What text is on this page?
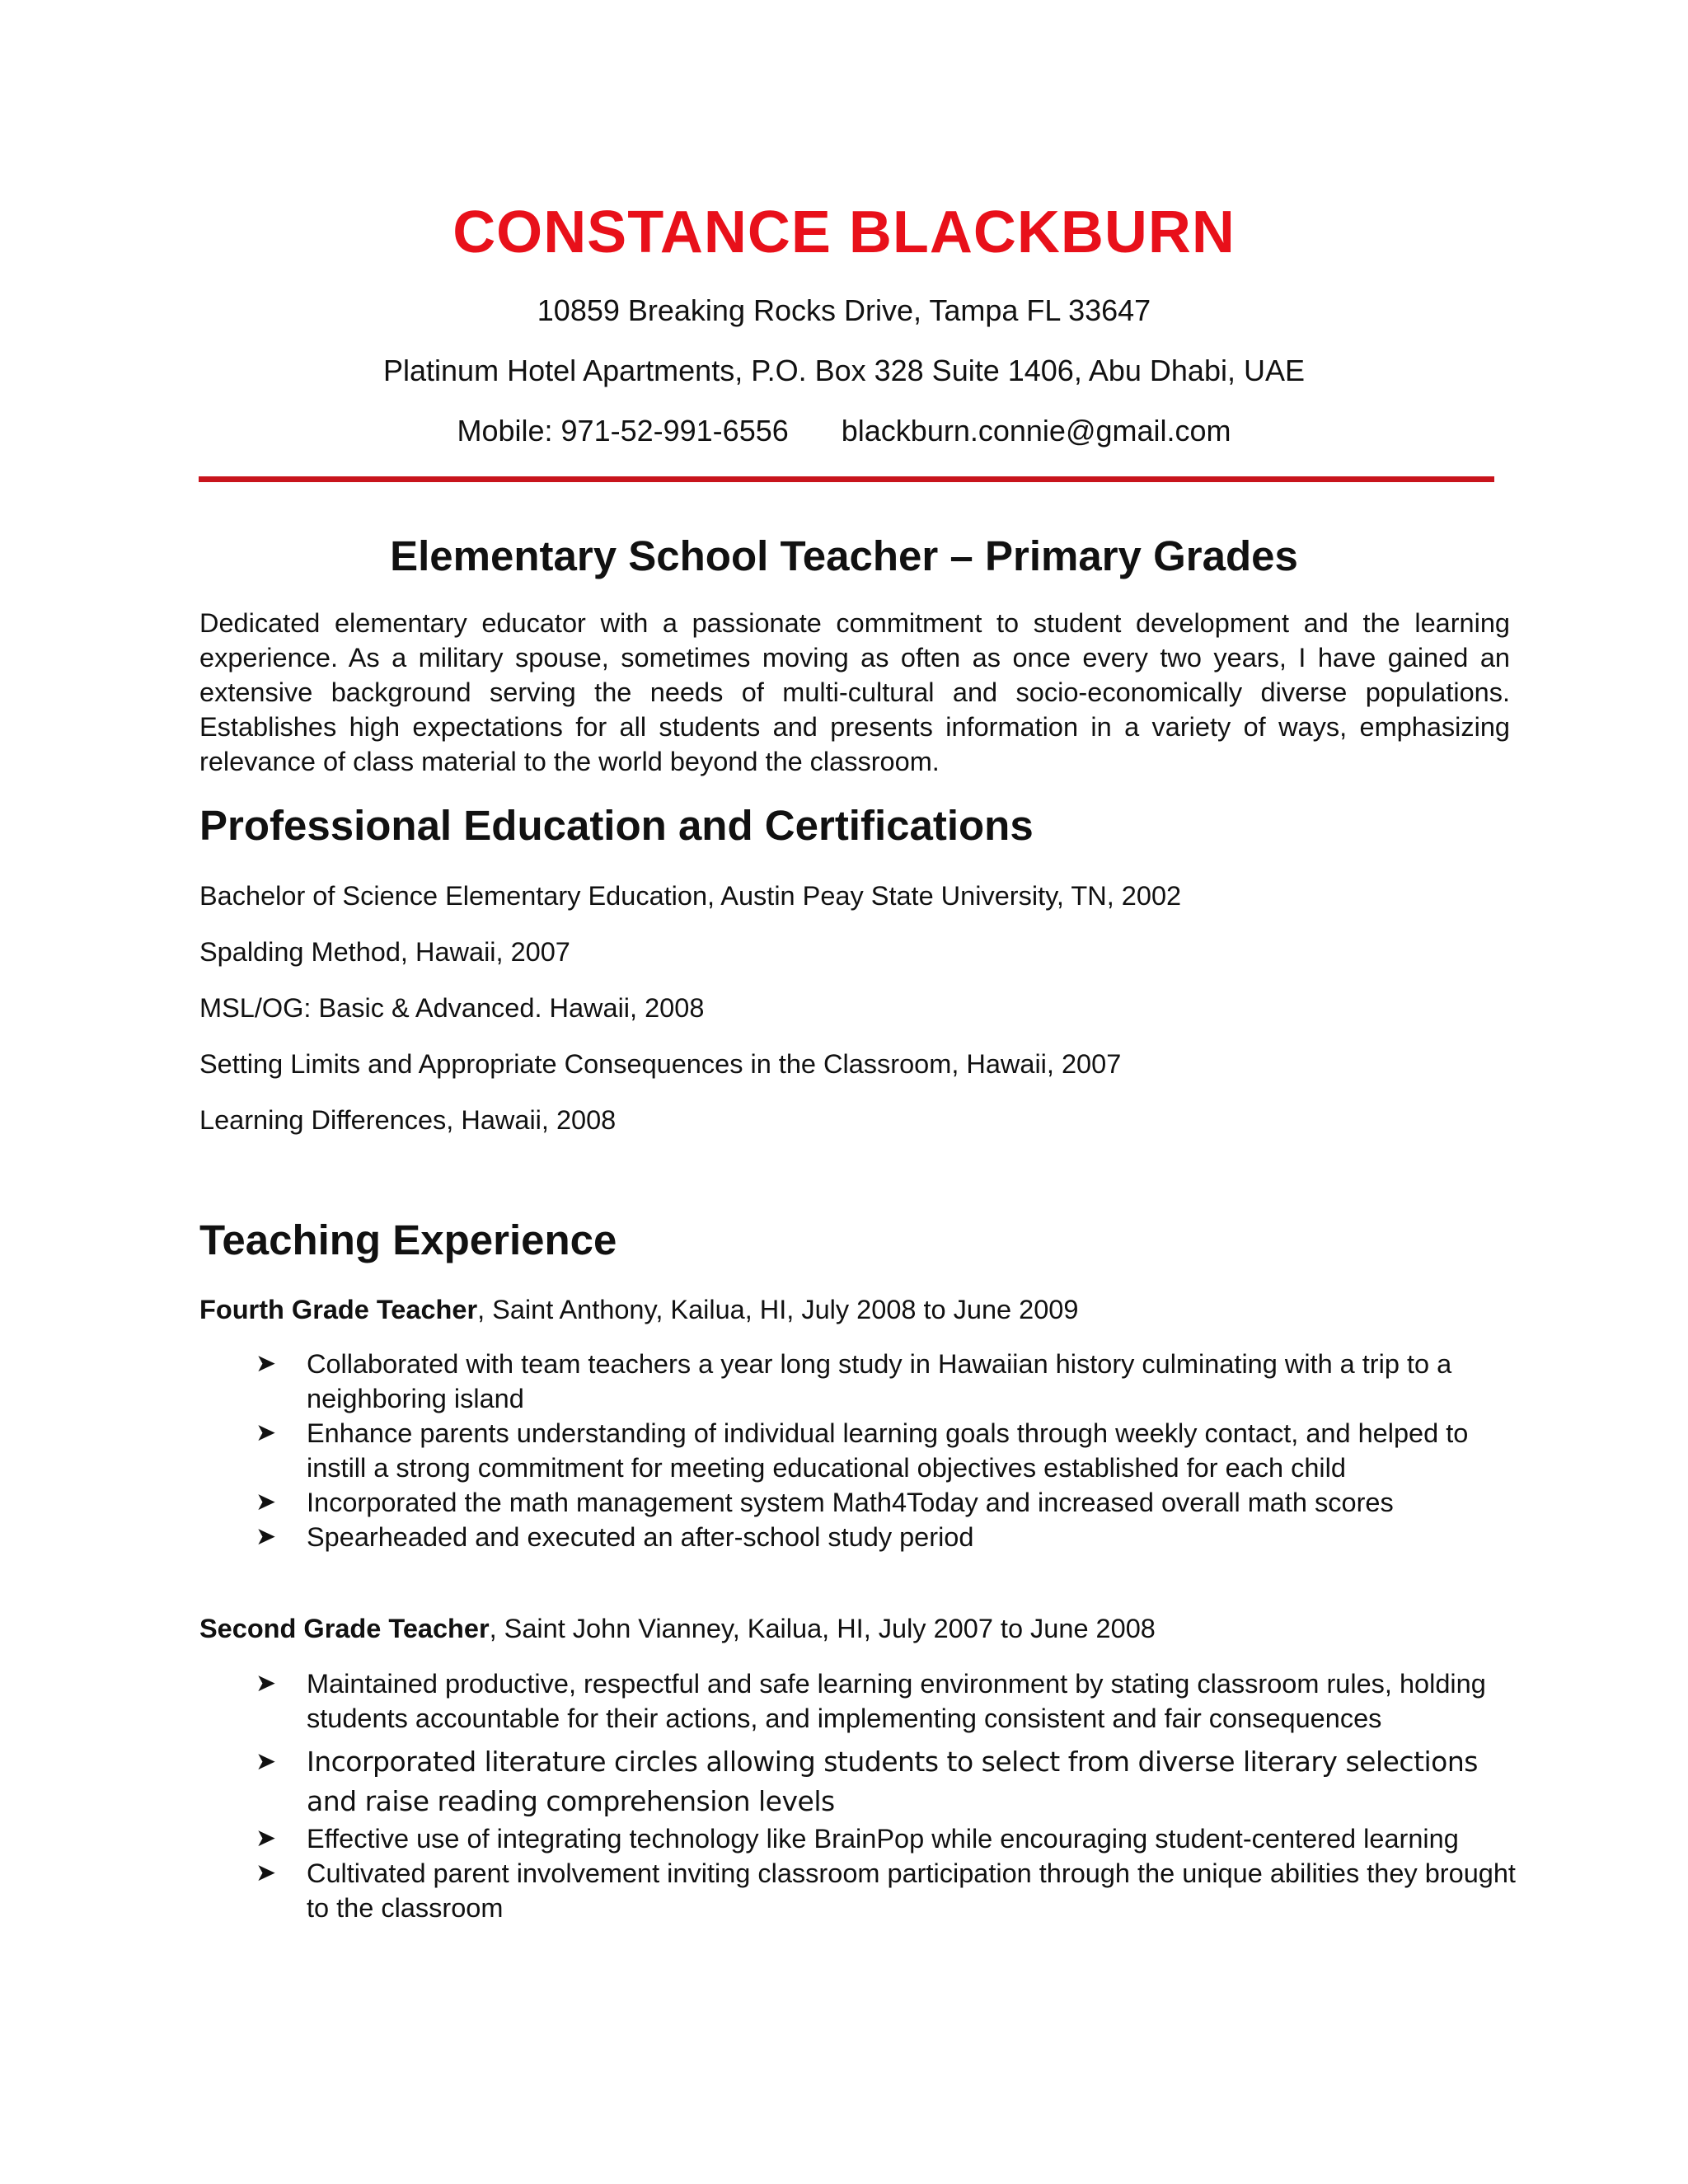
CONSTANCE BLACKBURN
10859 Breaking Rocks Drive, Tampa FL 33647
Platinum Hotel Apartments, P.O. Box 328 Suite 1406, Abu Dhabi, UAE
Mobile: 971-52-991-6556 blackburn.connie@gmail.com
Elementary School Teacher – Primary Grades
Dedicated elementary educator with a passionate commitment to student development and the learning experience. As a military spouse, sometimes moving as often as once every two years, I have gained an extensive background serving the needs of multi-cultural and socio-economically diverse populations. Establishes high expectations for all students and presents information in a variety of ways, emphasizing relevance of class material to the world beyond the classroom.
Professional Education and Certifications
Bachelor of Science Elementary Education, Austin Peay State University, TN, 2002
Spalding Method, Hawaii, 2007
MSL/OG: Basic & Advanced. Hawaii, 2008
Setting Limits and Appropriate Consequences in the Classroom, Hawaii, 2007
Learning Differences, Hawaii, 2008
Teaching Experience
Fourth Grade Teacher, Saint Anthony, Kailua, HI, July 2008 to June 2009
➤ Collaborated with team teachers a year long study in Hawaiian history culminating with a trip to a neighboring island
➤ Enhance parents understanding of individual learning goals through weekly contact, and helped to instill a strong commitment for meeting educational objectives established for each child
➤ Incorporated the math management system Math4Today and increased overall math scores
➤ Spearheaded and executed an after-school study period
Second Grade Teacher, Saint John Vianney, Kailua, HI, July 2007 to June 2008
➤ Maintained productive, respectful and safe learning environment by stating classroom rules, holding students accountable for their actions, and implementing consistent and fair consequences
➤ Incorporated literature circles allowing students to select from diverse literary selections and raise reading comprehension levels
➤ Effective use of integrating technology like BrainPop while encouraging student-centered learning
➤ Cultivated parent involvement inviting classroom participation through the unique abilities they brought to the classroom
